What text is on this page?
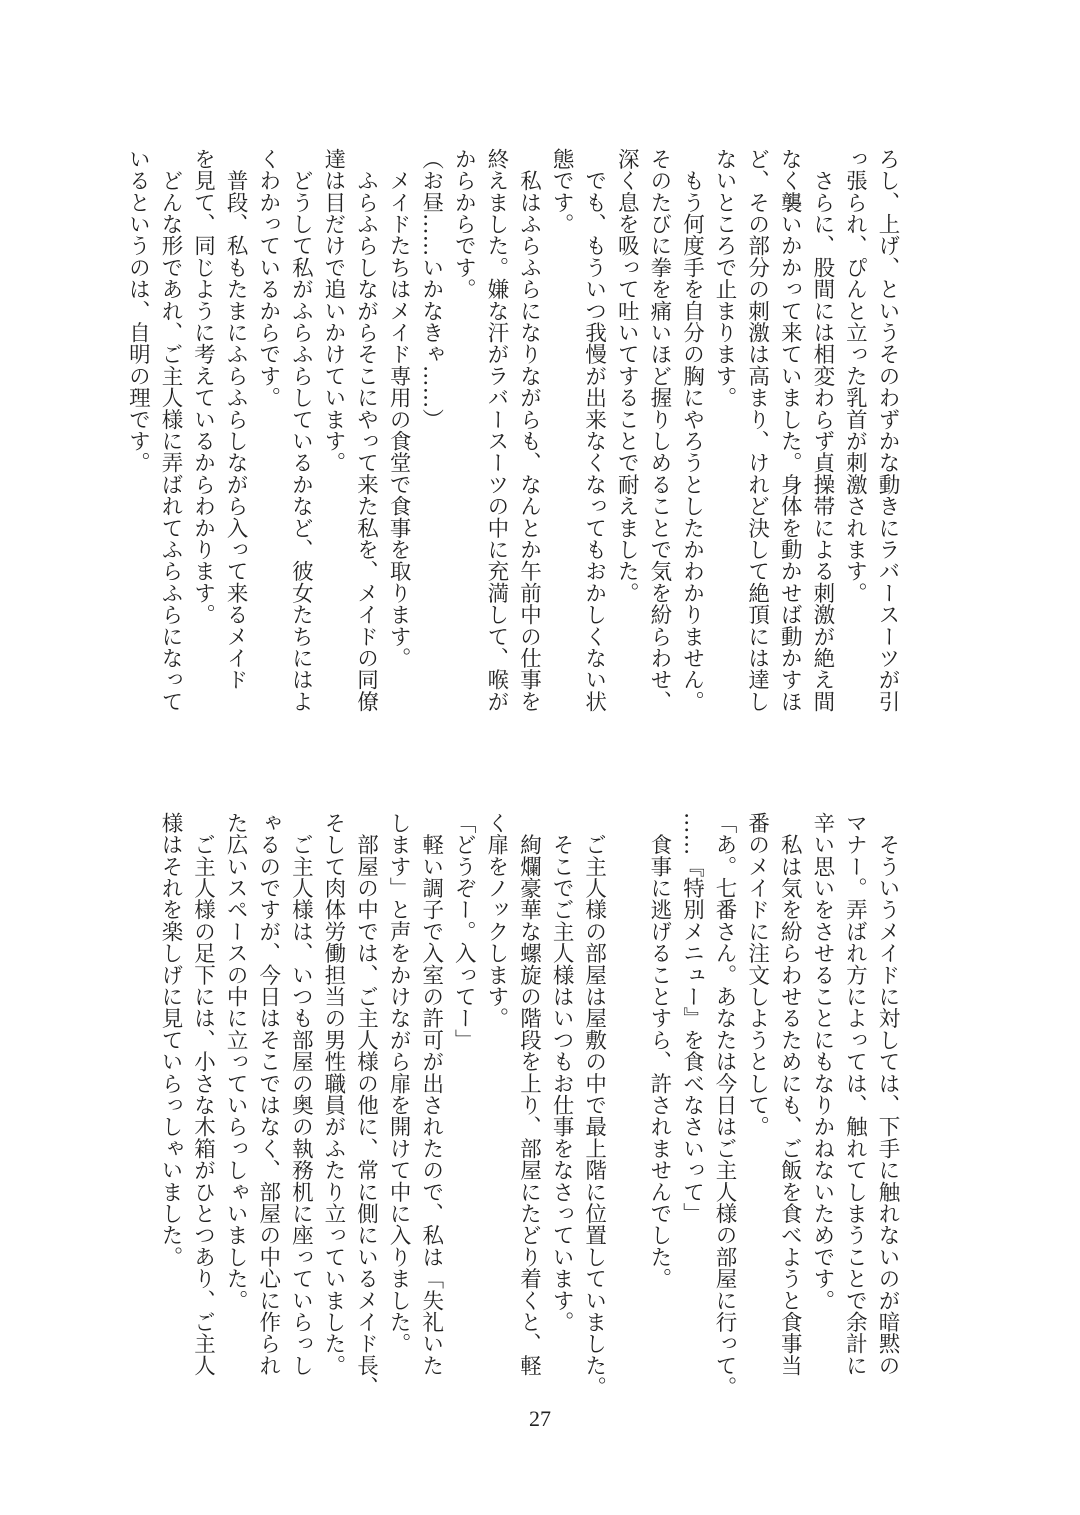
ろし、上げ、というそのわずかな動きにラバースーツが引
っ張られ、ぴんと立った乳首が刺激されます。
　さらに、股間には相変わらず貞操帯による刺激が絶え間
なく襲いかかって来ていました。身体を動かせば動かすほ
ど、その部分の刺激は高まり、けれど決して絶頂には達し
ないところで止まります。
　もう何度手を自分の胸にやろうとしたかわかりません。
そのたびに拳を痛いほど握りしめることで気を紛らわせ、
深く息を吸って吐いてすることで耐えました。
　でも、もういつ我慢が出来なくなってもおかしくない状
態です。
　私はふらふらになりながらも、なんとか午前中の仕事を
終えました。嫌な汗がラバースーツの中に充満して、喉が
からからです。
（お昼……いかなきゃ……）
　メイドたちはメイド専用の食堂で食事を取ります。
　ふらふらしながらそこにやって来た私を、メイドの同僚
達は目だけで追いかけています。
　どうして私がふらふらしているかなど、彼女たちにはよ
くわかっているからです。
　普段、私もたまにふらふらしながら入って来るメイド
を見て、同じように考えているからわかります。
　どんな形であれ、ご主人様に弄ばれてふらふらになって
いるというのは、自明の理です。
　そういうメイドに対しては、下手に触れないのが暗黙の
マナー。弄ばれ方によっては、触れてしまうことで余計に
辛い思いをさせることにもなりかねないためです。
　私は気を紛らわせるためにも、ご飯を食べようと食事当
番のメイドに注文しようとして。
「あ。七番さん。あなたは今日はご主人様の部屋に行って。
……『特別メニュー』を食べなさいって」
　食事に逃げることすら、許されませんでした。
　ご主人様の部屋は屋敷の中で最上階に位置していました。
　そこでご主人様はいつもお仕事をなさっています。
　絢爛豪華な螺旋の階段を上り、部屋にたどり着くと、軽
く扉をノックします。
「どうぞー。入ってー」
　軽い調子で入室の許可が出されたので、私は「失礼いた
します」と声をかけながら扉を開けて中に入りました。
　部屋の中では、ご主人様の他に、常に側にいるメイド長、
そして肉体労働担当の男性職員がふたり立っていました。
　ご主人様は、いつも部屋の奥の執務机に座っていらっし
ゃるのですが、今日はそこではなく、部屋の中心に作られ
た広いスペースの中に立っていらっしゃいました。
　ご主人様の足下には、小さな木箱がひとつあり、ご主人
様はそれを楽しげに見ていらっしゃいました。
27
